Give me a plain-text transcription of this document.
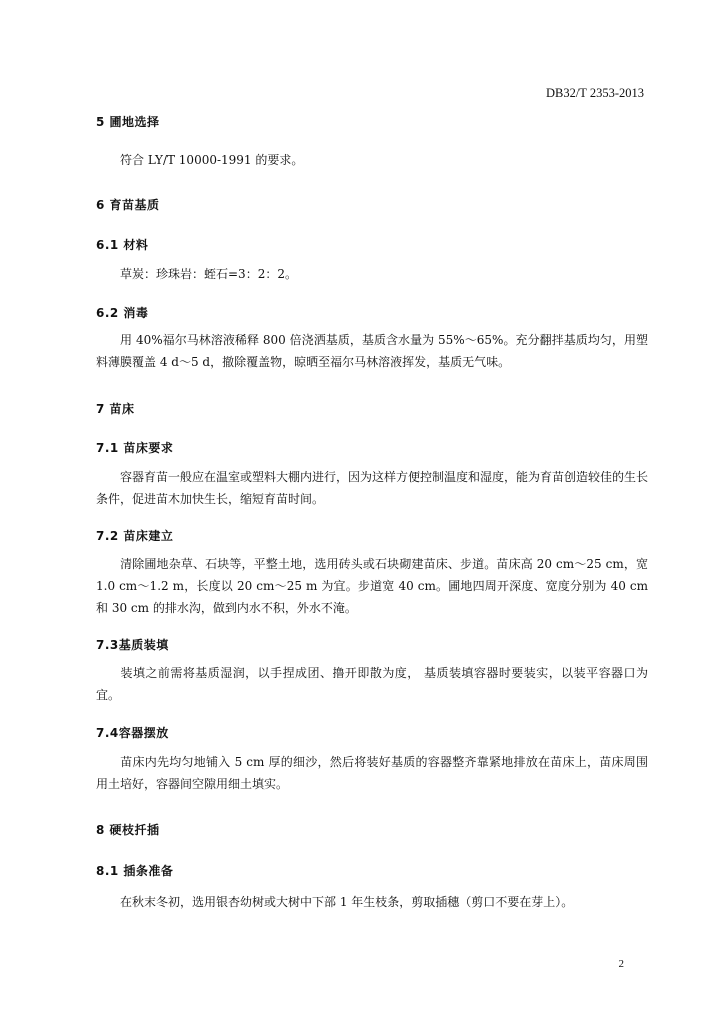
DB32/T 2353-2013
5 圃地选择
符合 LY/T 10000-1991 的要求。
6 育苗基质
6.1 材料
草炭：珍珠岩：蛭石=3：2：2。
6.2 消毒
用 40%福尔马林溶液稀释 800 倍浇洒基质，基质含水量为 55%～65%。充分翻拌基质均匀，用塑料薄膜覆盖 4 d～5 d，撤除覆盖物，晾晒至福尔马林溶液挥发，基质无气味。
7 苗床
7.1 苗床要求
容器育苗一般应在温室或塑料大棚内进行，因为这样方便控制温度和湿度，能为育苗创造较佳的生长条件，促进苗木加快生长，缩短育苗时间。
7.2 苗床建立
清除圃地杂草、石块等，平整土地，选用砖头或石块砌建苗床、步道。苗床高 20 cm～25 cm，宽 1.0 cm～1.2 m，长度以 20 cm～25 m 为宜。步道宽 40 cm。圃地四周开深度、宽度分别为 40 cm 和 30 cm 的排水沟，做到内水不积，外水不淹。
7.3基质装填
装填之前需将基质湿润，以手捏成团、撸开即散为度， 基质装填容器时要装实，以装平容器口为宜。
7.4容器摆放
苗床内先均匀地铺入 5 cm 厚的细沙，然后将装好基质的容器整齐靠紧地排放在苗床上，苗床周围用土培好，容器间空隙用细土填实。
8 硬枝扦插
8.1 插条准备
在秋末冬初，选用银杏幼树或大树中下部 1 年生枝条，剪取插穗（剪口不要在芽上）。
2
